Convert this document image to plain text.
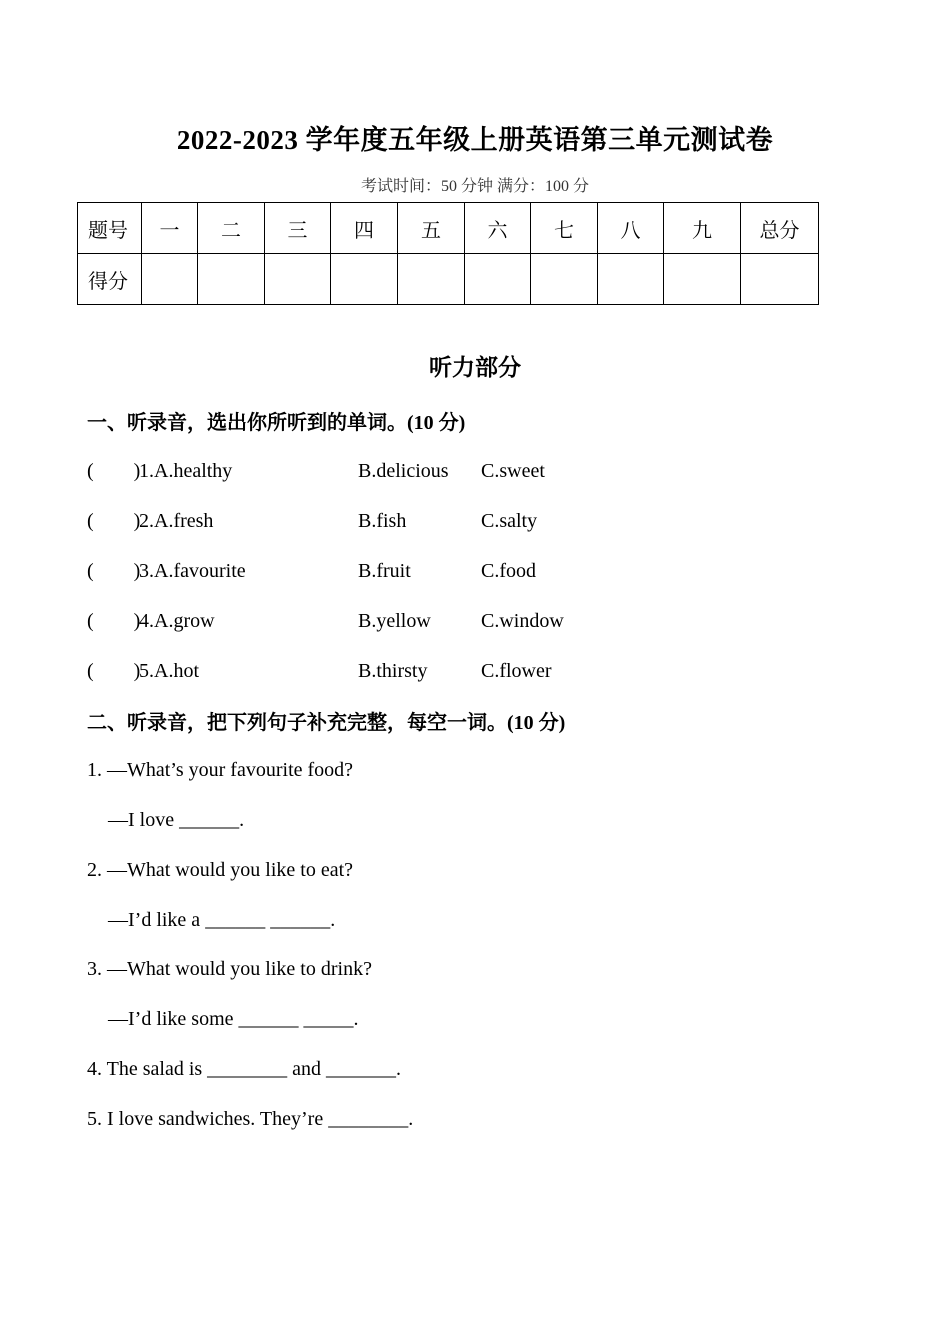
2022-2023 学年度五年级上册英语第三单元测试卷
考试时间：50 分钟 满分：100 分
题号	一	二	三	四	五	六	七	八	九	总分
得分										
听力部分
一、听录音，选出你所听到的单词。(10 分)
(        )
1.A.healthy	B.delicious C.sweet
(        )
2.A.fresh	B.fish	C.salty
(        )
3.A.favourite	B.fruit	C.food
(        )
4.A.grow	B.yellow	C.window
(        )
5.A.hot	B.thirsty	C.flower
二、听录音，把下列句子补充完整，每空一词。(10 分)
1. —What’s your favourite food?
—I love ______.
2. —What would you like to eat?
—I’d like a ______ ______.
3. —What would you like to drink?
—I’d like some ______ _____.
4. The salad is ________ and _______.
5. I love sandwiches. They’re ________.
